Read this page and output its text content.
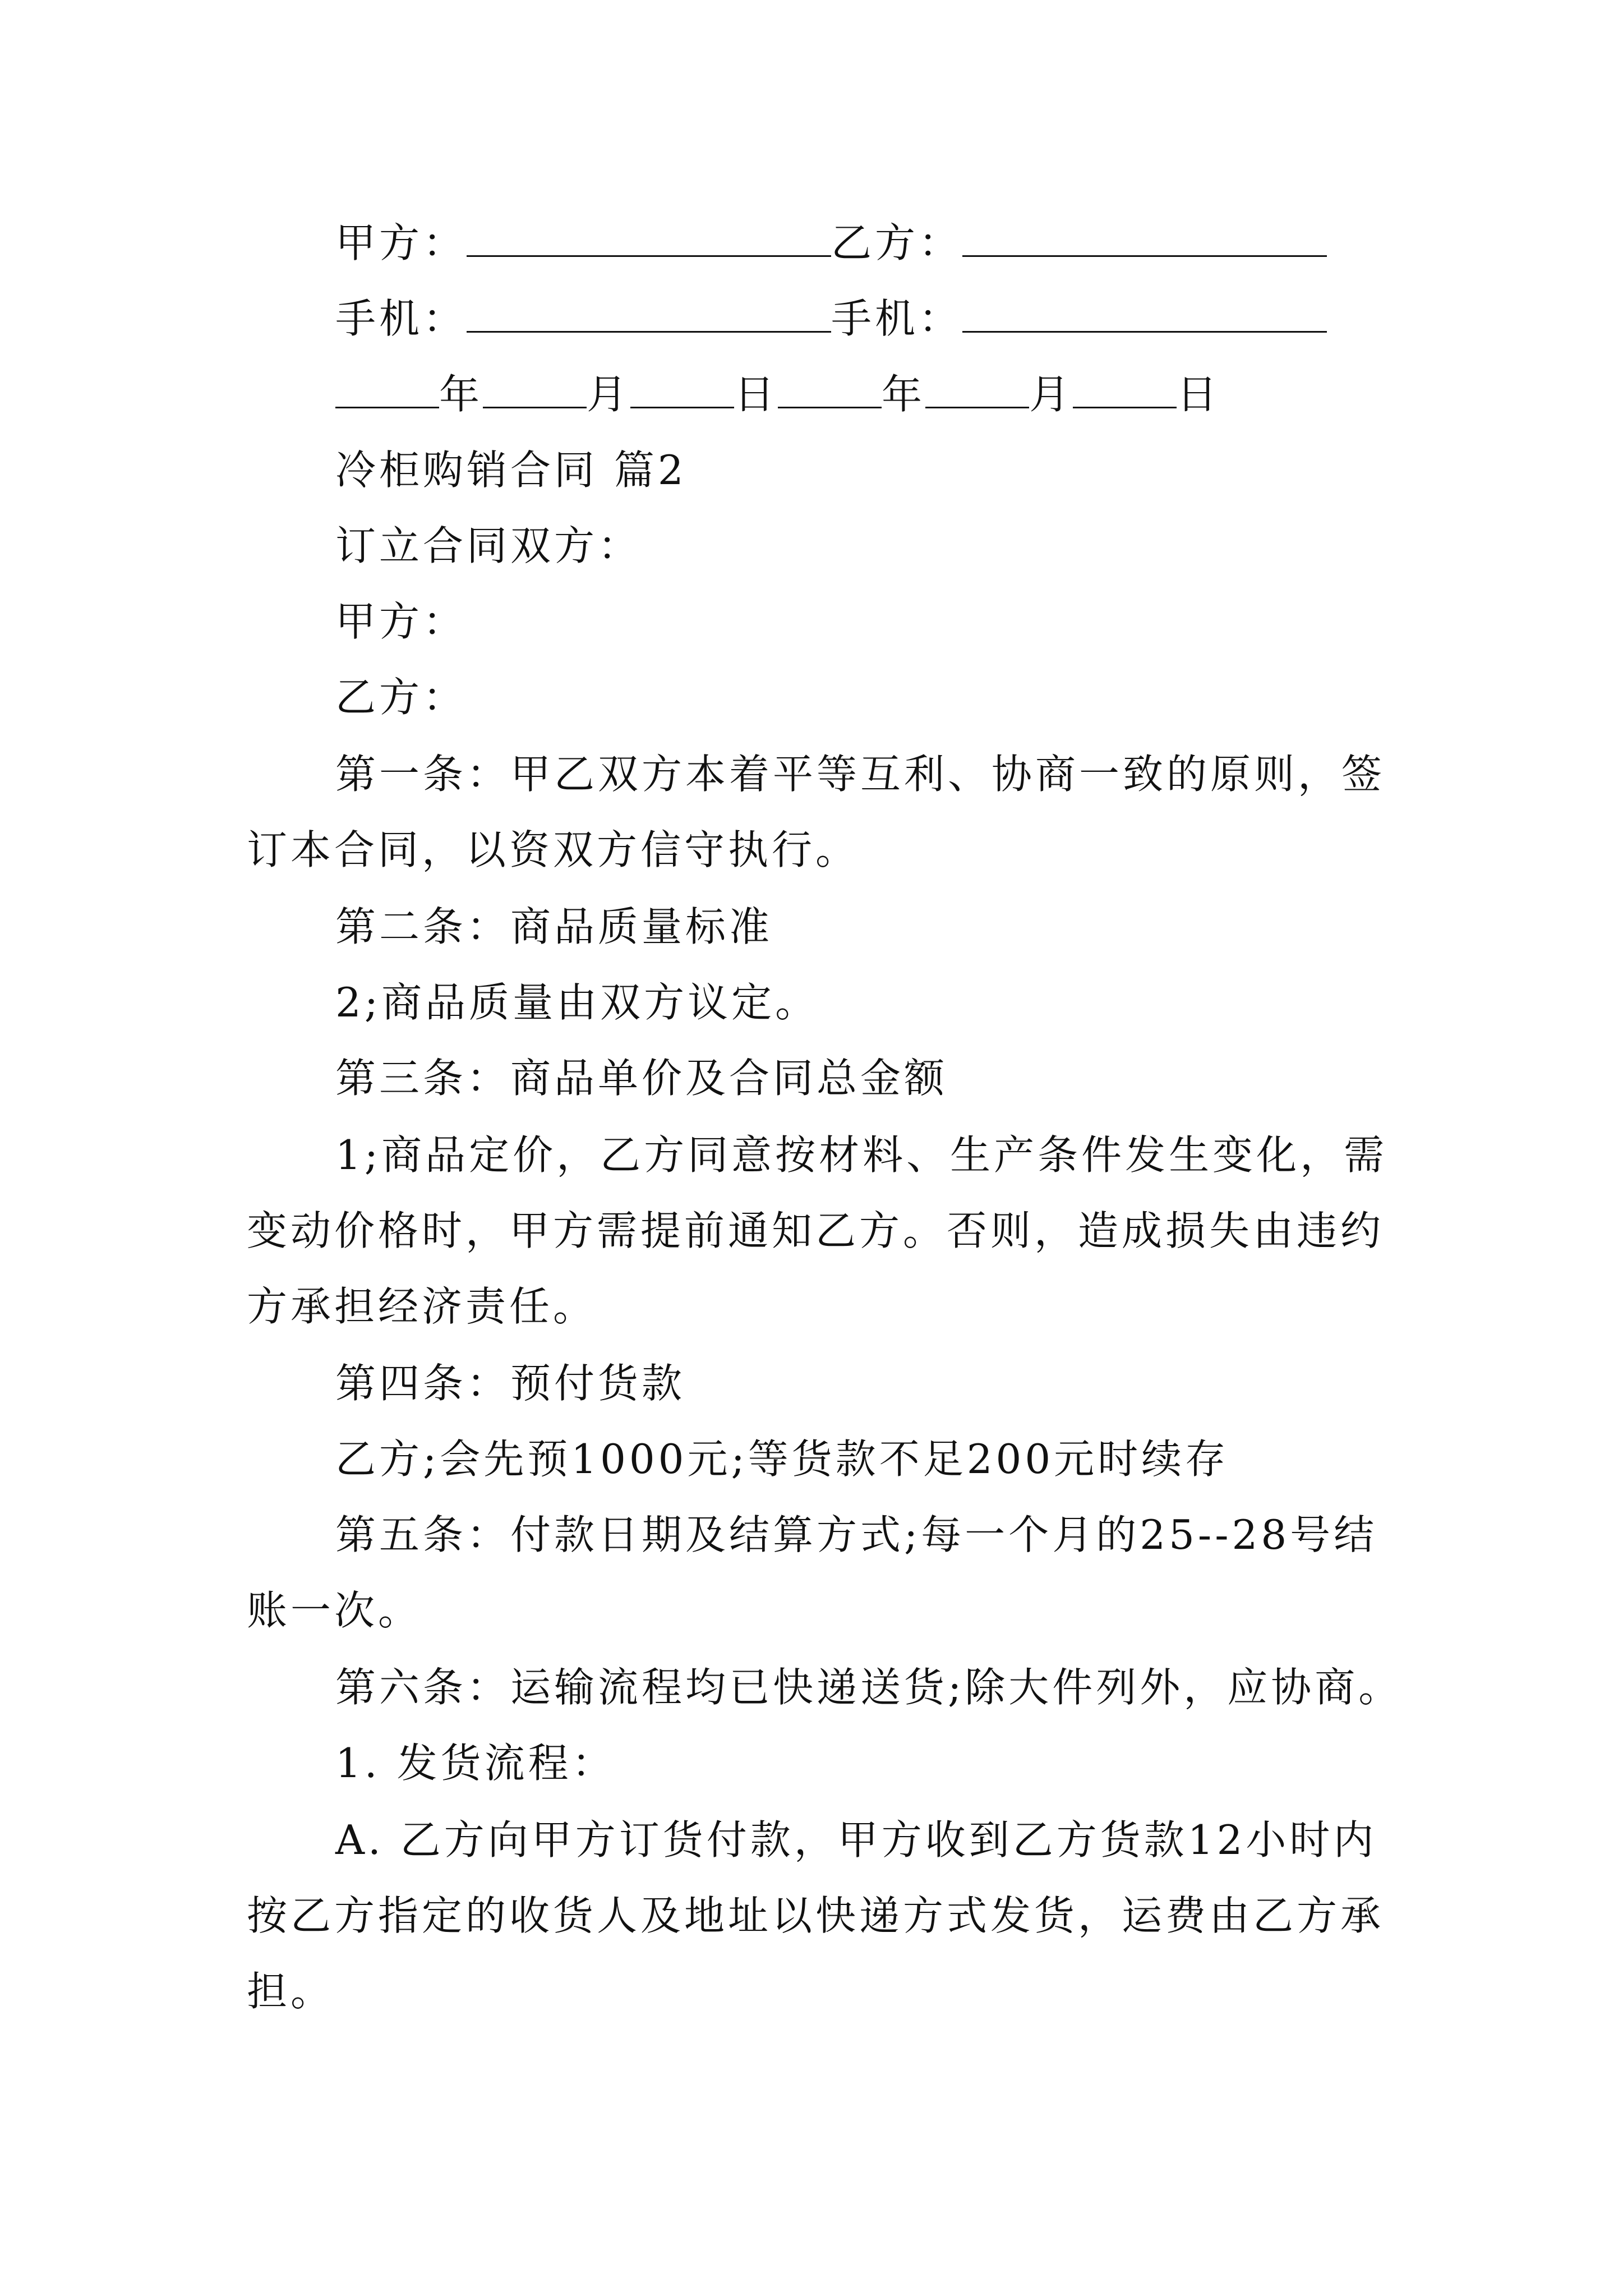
甲方：	乙方：
手机：	手机：
年	月	日	年	月	日
冷柜购销合同 篇2
订立合同双方：
甲方：
乙方：
第一条：甲乙双方本着平等互利、协商一致的原则，签
订本合同，以资双方信守执行。
第二条：商品质量标准
2;商品质量由双方议定。
第三条：商品单价及合同总金额
1;商品定价，乙方同意按材料、生产条件发生变化，需
变动价格时，甲方需提前通知乙方。否则，造成损失由违约
方承担经济责任。
第四条：预付货款
乙方;会先预1000元;等货款不足200元时续存
第五条：付款日期及结算方式;每一个月的25--28号结
账一次。
第六条：运输流程均已快递送货;除大件列外，应协商。
1. 发货流程：
A. 乙方向甲方订货付款，甲方收到乙方货款12小时内
按乙方指定的收货人及地址以快递方式发货，运费由乙方承
担。
